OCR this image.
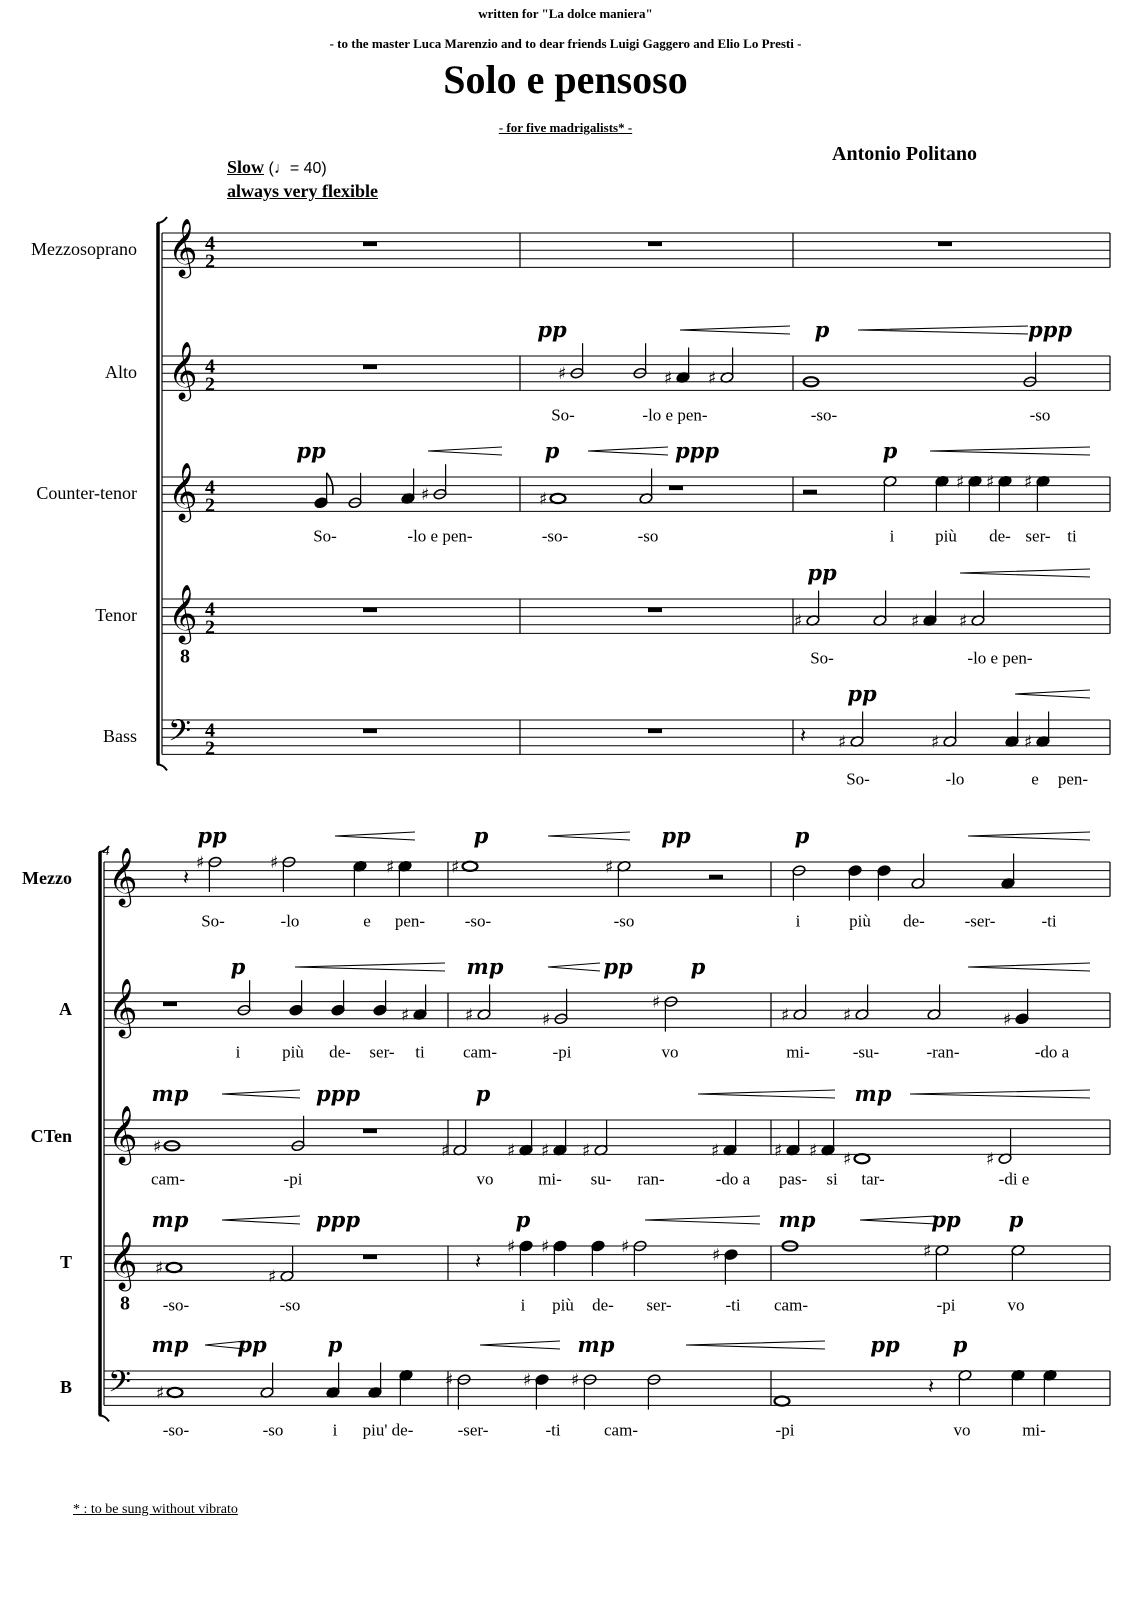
written for "La dolce maniera"
- to the master Luca Marenzio and to dear friends Luigi Gaggero and Elio Lo Presti -
Solo e pensoso
- for five madrigalists* -
Antonio Politano
Slow (♩= 40)
always very flexible
Mezzosoprano 𝄞 4
2
Alto 𝄞 4
2	♯	♯ ♯
pp	p	ppp
So-	-lo e pen-	-so-	-so
Counter-tenor 𝄞 4
2	♯	♯
♯ ♯ ♯
pp	p	ppp	p
So-	-lo e pen-	-so-	-so	i più de- ser- ti
Tenor 𝄞
8
4
2	♯	♯ ♯
pp
So-	-lo e pen-
Bass 𝄢 4
2
𝄽 ♯	♯	♯
pp
So-	-lo	e pen-
4
Mezzo 𝄞 𝄽
♯	♯	♯	♯	♯
pp	p	pp	p
So-	-lo	e pen- -so-	-so	i	più de- -ser-	-ti
A 𝄞	♯	♯	♯
♯
♯	♯	♯
p	mp	pp	p
i più de- ser- ti cam-	-pi	vo	mi-	-su-	-ran-	-do a
CTen 𝄞 ♯	♯	♯ ♯ ♯	♯	♯ ♯ ♯	♯
mp	ppp	p	mp
cam-	-pi	vo	mi- su- ran-	-do a pas- si tar-	-di e
T 𝄞
8
𝄽
♯	♯
♯ ♯	♯	♯	♯
mp	ppp	p	mp	pp p
-so-	-so	i più de- ser-	-ti cam-	-pi	vo
B 𝄢	𝄽
♯
♯	♯ ♯
mp pp	p	mp	pp	p
-so-	-so	i piu' de-	-ser-	-ti	cam-	-pi	vo	mi-
* : to be sung without vibrato
